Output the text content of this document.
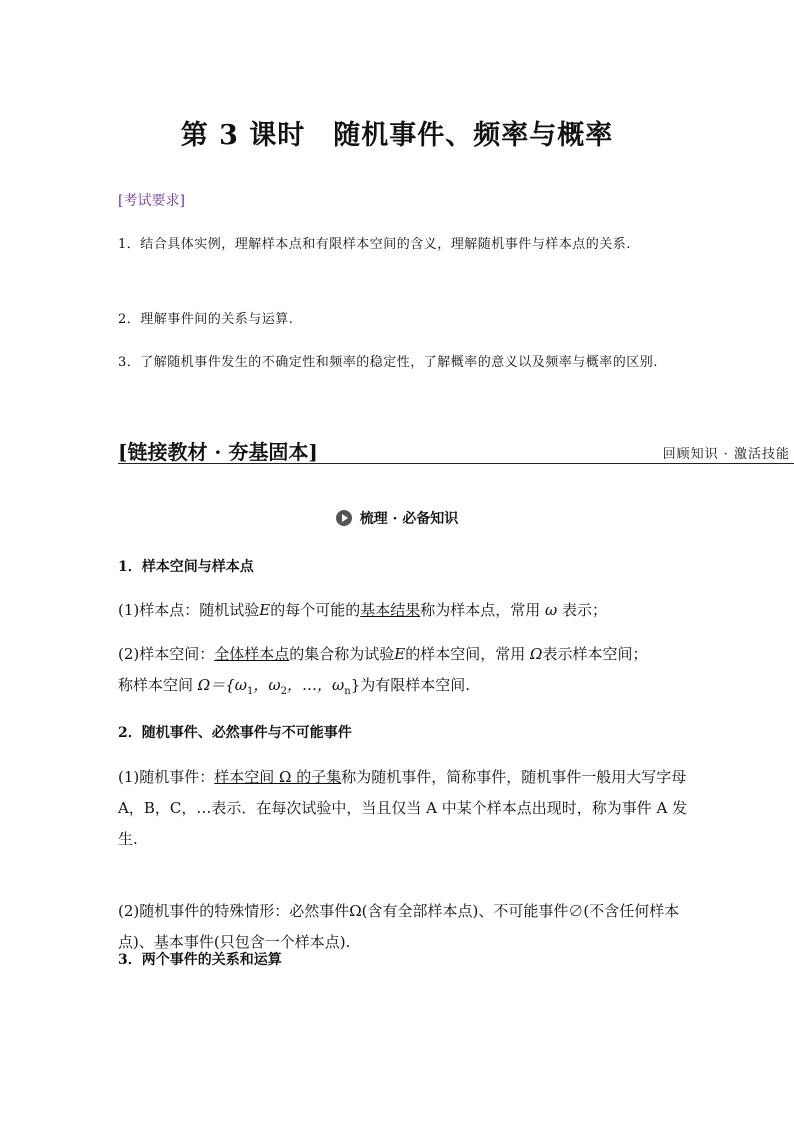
第 3 课时　随机事件、频率与概率
[考试要求]
1．结合具体实例，理解样本点和有限样本空间的含义，理解随机事件与样本点的关系.
2．理解事件间的关系与运算.
3．了解随机事件发生的不确定性和频率的稳定性，了解概率的意义以及频率与概率的区别.
[链接教材 · 夯基固本]	回顾知识 · 激活技能
梳理 · 必备知识
1．样本空间与样本点
(1)样本点：随机试验E的每个可能的基本结果称为样本点，常用 ω 表示；
(2)样本空间：全体样本点的集合称为试验E的样本空间，常用 Ω表示样本空间；
称样本空间 $\Omega=\{\omega_1$，$\omega_2$，…，$\omega_n$}为有限样本空间.
2．随机事件、必然事件与不可能事件
(1)随机事件：样本空间 Ω 的子集称为随机事件，简称事件，随机事件一般用大写字母 A，B，C，…表示．在每次试验中，当且仅当 A 中某个样本点出现时，称为事件 A 发生.
(2)随机事件的特殊情形：必然事件Ω(含有全部样本点)、不可能事件∅(不含任何样本点)、基本事件(只包含一个样本点).
3．两个事件的关系和运算
